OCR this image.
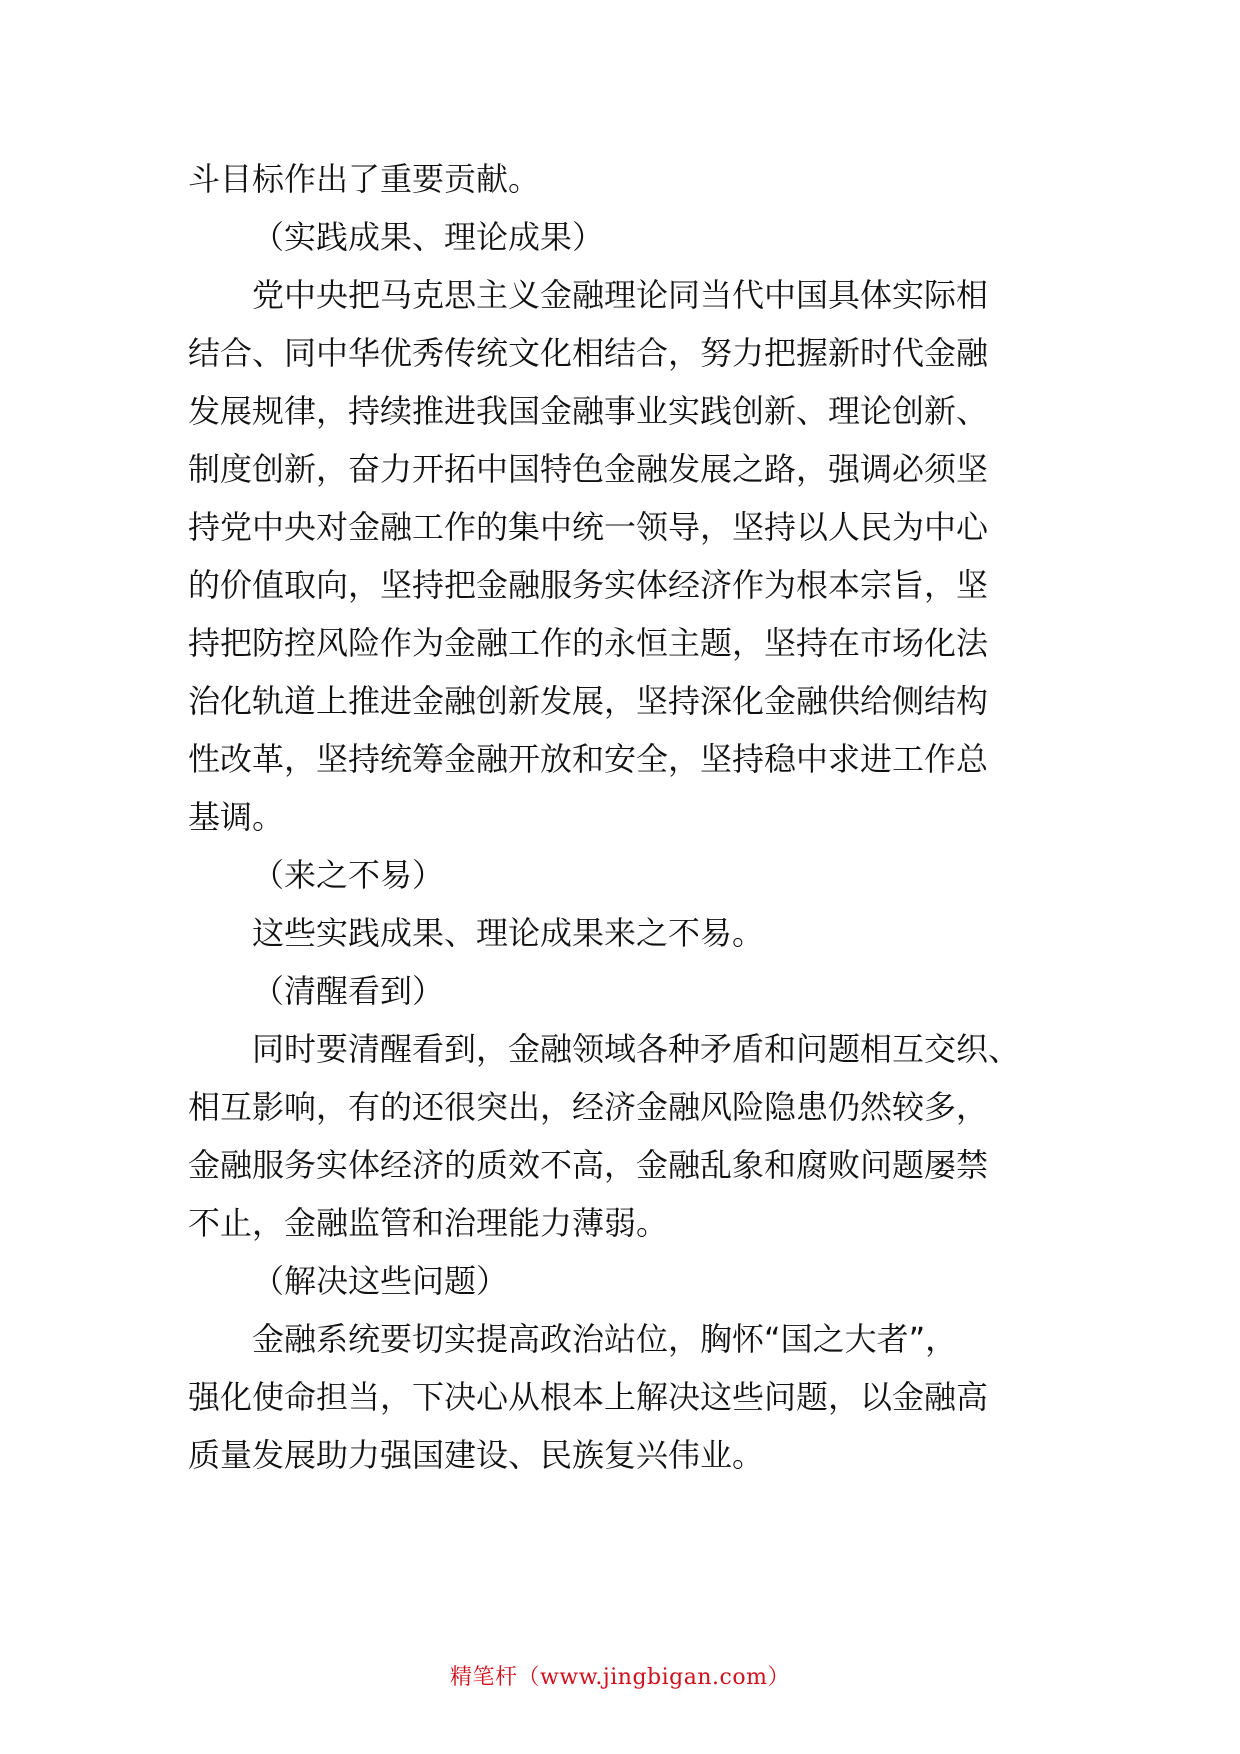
斗目标作出了重要贡献。
（实践成果、理论成果）
党中央把马克思主义金融理论同当代中国具体实际相
结合、同中华优秀传统文化相结合，努力把握新时代金融
发展规律，持续推进我国金融事业实践创新、理论创新、
制度创新，奋力开拓中国特色金融发展之路，强调必须坚
持党中央对金融工作的集中统一领导，坚持以人民为中心
的价值取向，坚持把金融服务实体经济作为根本宗旨，坚
持把防控风险作为金融工作的永恒主题，坚持在市场化法
治化轨道上推进金融创新发展，坚持深化金融供给侧结构
性改革，坚持统筹金融开放和安全，坚持稳中求进工作总
基调。
（来之不易）
这些实践成果、理论成果来之不易。
（清醒看到）
同时要清醒看到，金融领域各种矛盾和问题相互交织、
相互影响，有的还很突出，经济金融风险隐患仍然较多，
金融服务实体经济的质效不高，金融乱象和腐败问题屡禁
不止，金融监管和治理能力薄弱。
（解决这些问题）
金融系统要切实提高政治站位，胸怀“国之大者”，
强化使命担当，下决心从根本上解决这些问题，以金融高
质量发展助力强国建设、民族复兴伟业。
精笔杆（www.jingbigan.com）
